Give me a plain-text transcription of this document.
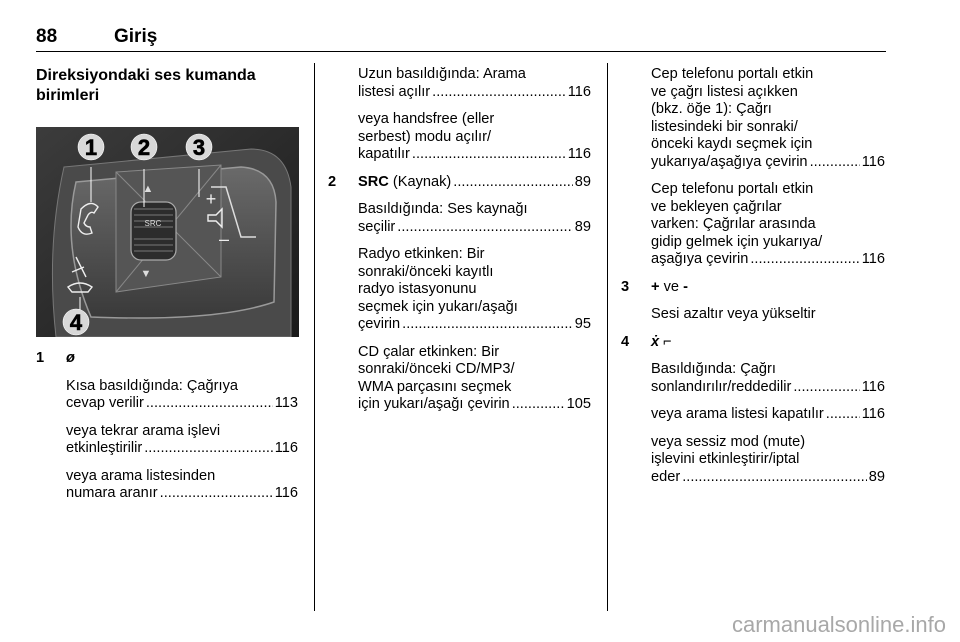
88	Giriş
Direksiyondaki ses kumanda birimleri
SRC
▲
▼
+
–
1 2 3
4
1 ø
Kısa basıldığında: Çağrıya
cevap verilir .....	113
veya tekrar arama işlevi
etkinleştirilir .....	116
veya arama listesinden
numara aranır .....	116
Uzun basıldığında: Arama
listesi açılır .....	116
veya handsfree (eller
serbest) modu açılır/
kapatılır .....	116
2 SRC (Kaynak) .....	89
Basıldığında: Ses kaynağı
seçilir .....	89
Radyo etkinken: Bir
sonraki/önceki kayıtlı
radyo istasyonunu
seçmek için yukarı/aşağı
çevirin .....	95
CD çalar etkinken: Bir
sonraki/önceki CD/MP3/
WMA parçasını seçmek
için yukarı/aşağı çevirin .....	105
Cep telefonu portalı etkin
ve çağrı listesi açıkken
(bkz. öğe 1): Çağrı
listesindeki bir sonraki/
önceki kaydı seçmek için
yukarıya/aşağıya çevirin .....	116
Cep telefonu portalı etkin
ve bekleyen çağrılar
varken: Çağrılar arasında
gidip gelmek için yukarıya/
aşağıya çevirin .....	116
3 + ve -
Sesi azaltır veya yükseltir
4 ẋ ⌐
Basıldığında: Çağrı
sonlandırılır/reddedilir .....	116
veya arama listesi kapatılır .....	116
veya sessiz mod (mute)
işlevini etkinleştirir/iptal
eder .....	89
carmanualsonline.info
